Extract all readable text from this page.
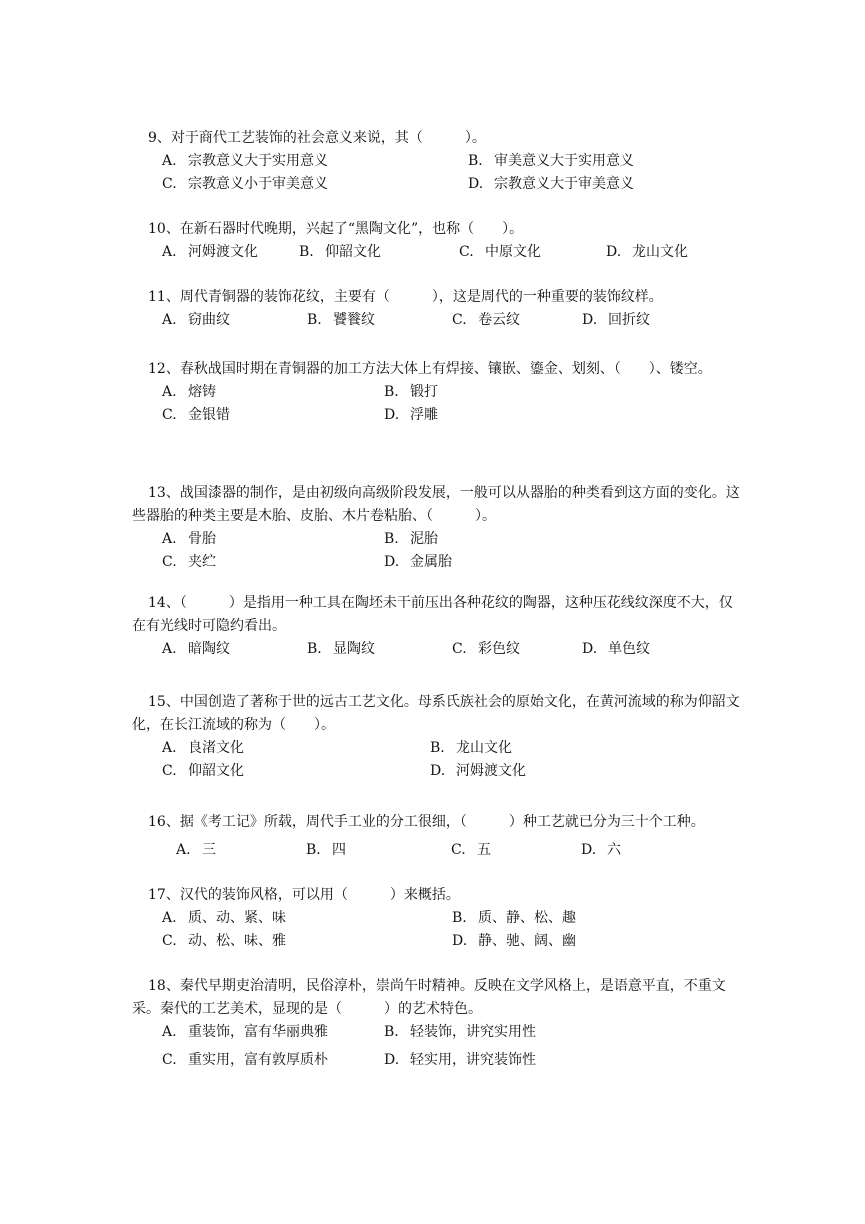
9、对于商代工艺装饰的社会意义来说，其（　　　）。

A. 宗教意义大于实用意义	B. 审美意义大于实用意义
C. 宗教意义小于审美意义	D. 宗教意义大于审美意义

10、在新石器时代晚期，兴起了“黑陶文化”，也称（　　）。

A. 河姆渡文化	B. 仰韶文化	C. 中原文化	D. 龙山文化

11、周代青铜器的装饰花纹，主要有（　　　），这是周代的一种重要的装饰纹样。

A. 窃曲纹	B. 饕餮纹	C. 卷云纹	D. 回折纹

12、春秋战国时期在青铜器的加工方法大体上有焊接、镶嵌、鎏金、划刻、（　　）、镂空。

A. 熔铸	B. 锻打
C. 金银错	D. 浮雕

13、战国漆器的制作，是由初级向高级阶段发展，一般可以从器胎的种类看到这方面的变化。这些器胎的种类主要是木胎、皮胎、木片卷粘胎、（　　　）。

A. 骨胎	B. 泥胎
C. 夹纻	D. 金属胎

14、（　　　）是指用一种工具在陶坯未干前压出各种花纹的陶器，这种压花线纹深度不大，仅在有光线时可隐约看出。

A. 暗陶纹	B. 显陶纹	C. 彩色纹	D. 单色纹

15、中国创造了著称于世的远古工艺文化。母系氏族社会的原始文化，在黄河流域的称为仰韶文化，在长江流域的称为（　　）。

A. 良渚文化	B. 龙山文化
C. 仰韶文化	D. 河姆渡文化

16、据《考工记》所载，周代手工业的分工很细，（　　　）种工艺就已分为三十个工种。

A. 三	B. 四	C. 五	D. 六

17、汉代的装饰风格，可以用（　　　）来概括。

A. 质、动、紧、味	B. 质、静、松、趣
C. 动、松、味、雅	D. 静、驰、阔、幽

18、秦代早期吏治清明，民俗淳朴，崇尚午时精神。反映在文学风格上，是语意平直，不重文采。秦代的工艺美术，显现的是（　　　）的艺术特色。

A. 重装饰，富有华丽典雅	B. 轻装饰，讲究实用性
C. 重实用，富有敦厚质朴	D. 轻实用，讲究装饰性
